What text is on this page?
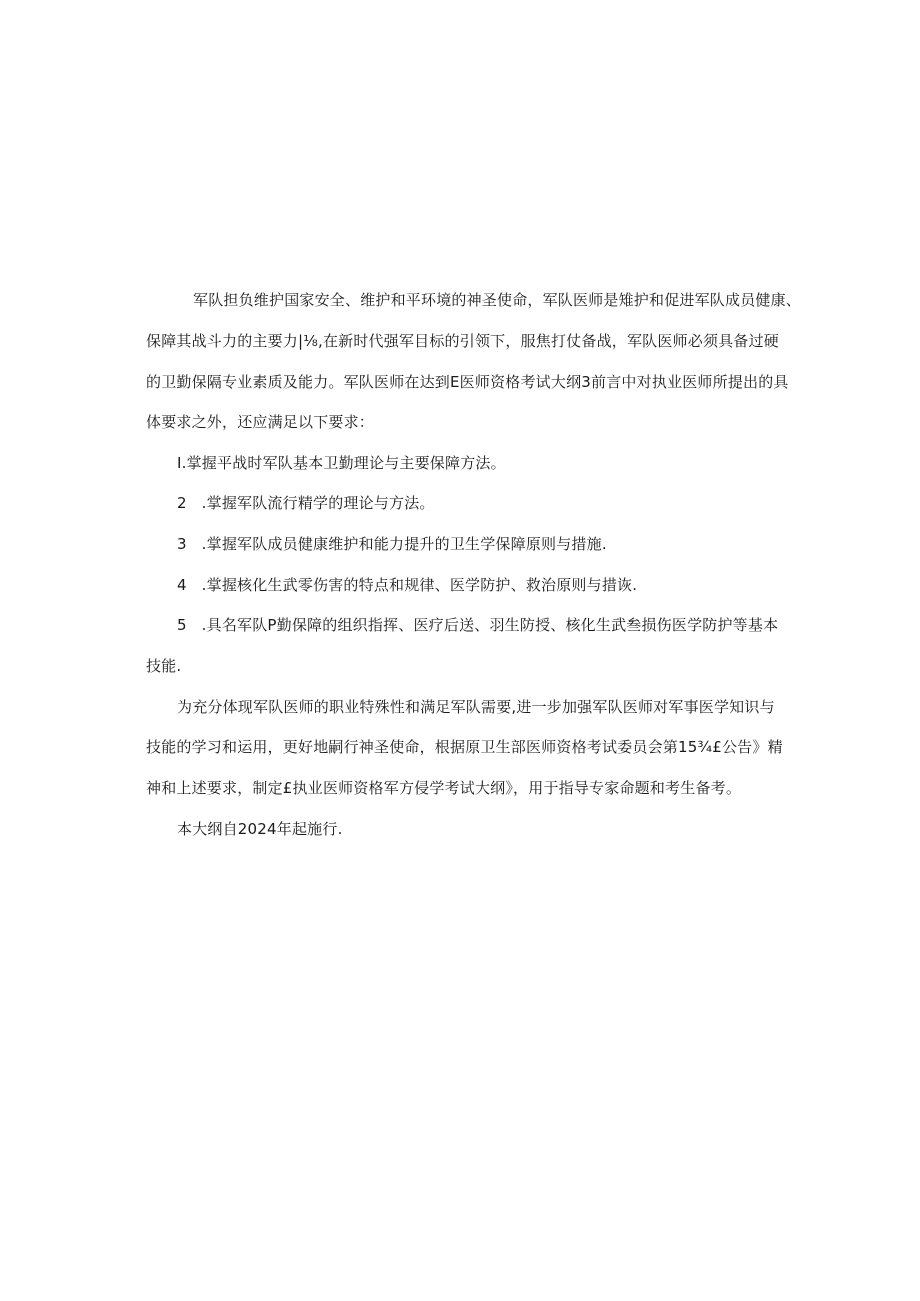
军队担负维护国家安全、维护和平环境的神圣使命，军队医师是雉护和促进军队成员健康、
保障其战斗力的主要力|⅛,在新时代强军目标的引领下，服焦打仗备战，军队医师必须具备过硬
的卫勤保隔专业素质及能力。军队医师在达到E医师资格考试大纲3前言中对执业医师所提出的具
体要求之外，还应满足以下要求：
I.掌握平战时军队基本卫勤理论与主要保障方法。
2   .掌握军队流行精学的理论与方法。
3   .掌握军队成员健康维护和能力提升的卫生学保障原则与措施.
4   .掌握核化生武零伤害的特点和规律、医学防护、救治原则与措诙.
5   .具名军队P勤保障的组织指挥、医疗后送、羽生防授、核化生武叁损伤医学防护等基本
技能.
为充分体现军队医师的职业特殊性和满足军队需要,进一步加强军队医师对军事医学知识与
技能的学习和运用，更好地嗣行神圣使命，根据原卫生部医师资格考试委员会第15¾£公告》精
神和上述要求，制定£执业医师资格军方侵学考试大纲》，用于指导专家命题和考生备考。
本大纲自2024年起施行.
